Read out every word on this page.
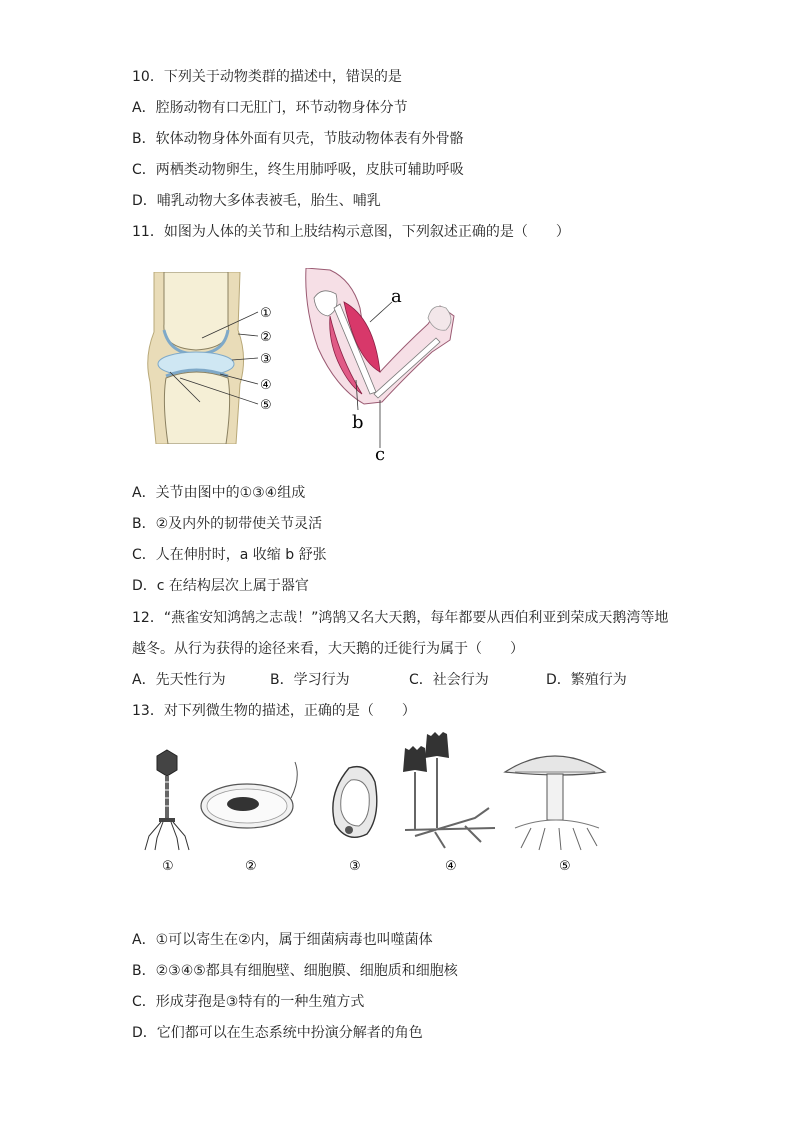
10．下列关于动物类群的描述中，错误的是
A．腔肠动物有口无肛门，环节动物身体分节
B．软体动物身体外面有贝壳，节肢动物体表有外骨骼
C．两栖类动物卵生，终生用肺呼吸，皮肤可辅助呼吸
D．哺乳动物大多体表被毛，胎生、哺乳
11．如图为人体的关节和上肢结构示意图，下列叙述正确的是（　　）
①
②
③
④
⑤
a
b
c
A．关节由图中的①③④组成
B．②及内外的韧带使关节灵活
C．人在伸肘时，a 收缩 b 舒张
D．c 在结构层次上属于器官
12．“燕雀安知鸿鹄之志哉！”鸿鹄又名大天鹅，每年都要从西伯利亚到荣成天鹅湾等地
越冬。从行为获得的途径来看，大天鹅的迁徙行为属于（　　）
A．先天性行为	B．学习行为	C．社会行为	D．繁殖行为
13．对下列微生物的描述，正确的是（　　）
①	②	③	④	⑤
A．①可以寄生在②内，属于细菌病毒也叫噬菌体
B．②③④⑤都具有细胞壁、细胞膜、细胞质和细胞核
C．形成芽孢是③特有的一种生殖方式
D．它们都可以在生态系统中扮演分解者的角色
